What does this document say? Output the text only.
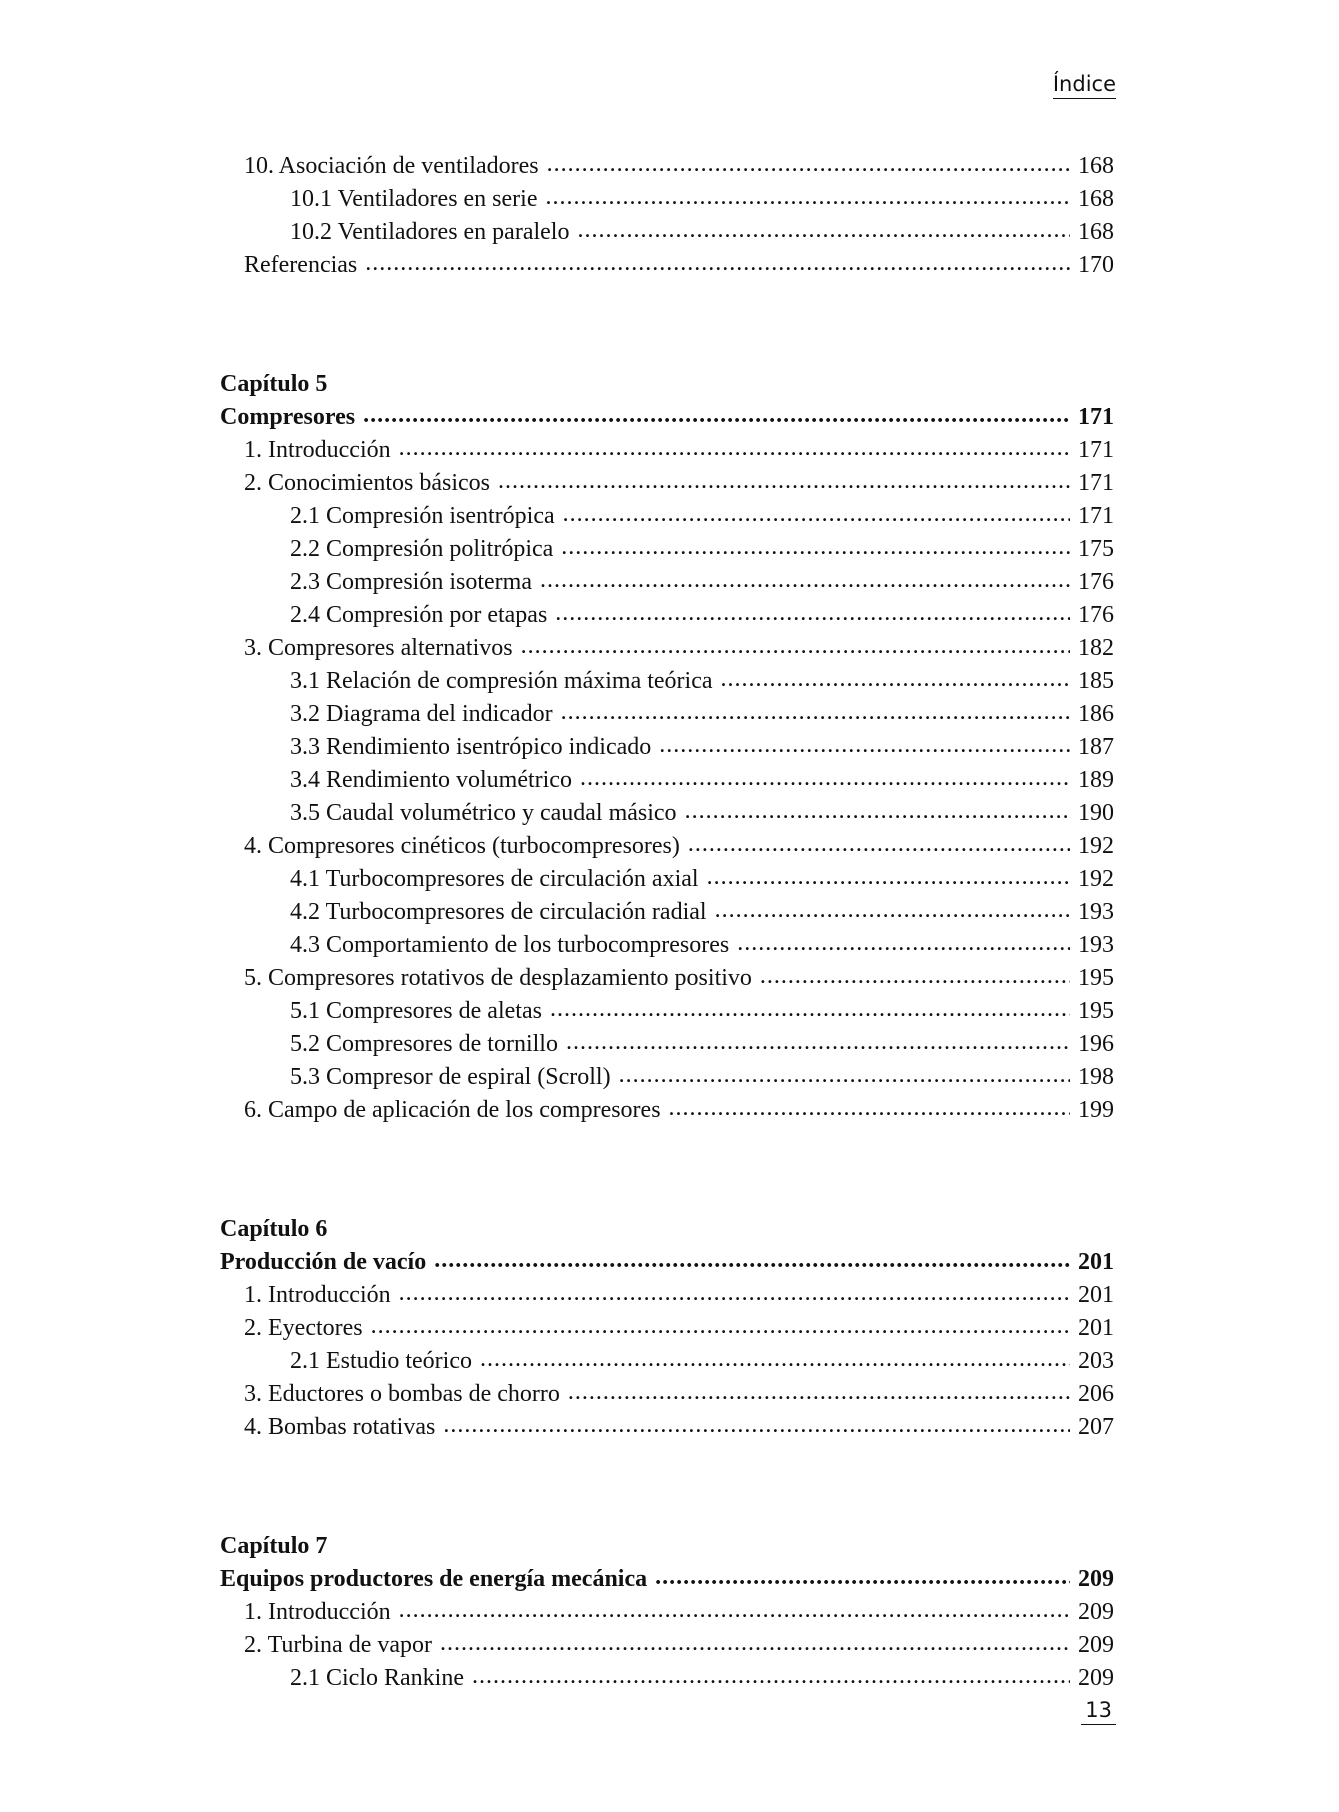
Índice
10. Asociación de ventiladores .....	168
10.1 Ventiladores en serie .....	168
10.2 Ventiladores en paralelo .....	168
Referencias .....	170
Capítulo 5
Compresores .....	171
1. Introducción .....	171
2. Conocimientos básicos .....	171
2.1 Compresión isentrópica .....	171
2.2 Compresión politrópica .....	175
2.3 Compresión isoterma .....	176
2.4 Compresión por etapas .....	176
3. Compresores alternativos .....	182
3.1 Relación de compresión máxima teórica .....	185
3.2 Diagrama del indicador .....	186
3.3 Rendimiento isentrópico indicado .....	187
3.4 Rendimiento volumétrico .....	189
3.5 Caudal volumétrico y caudal másico .....	190
4. Compresores cinéticos (turbocompresores) .....	192
4.1 Turbocompresores de circulación axial .....	192
4.2 Turbocompresores de circulación radial .....	193
4.3 Comportamiento de los turbocompresores .....	193
5. Compresores rotativos de desplazamiento positivo .....	195
5.1 Compresores de aletas .....	195
5.2 Compresores de tornillo .....	196
5.3 Compresor de espiral (Scroll) .....	198
6. Campo de aplicación de los compresores .....	199
Capítulo 6
Producción de vacío .....	201
1. Introducción .....	201
2. Eyectores .....	201
2.1 Estudio teórico .....	203
3. Eductores o bombas de chorro .....	206
4. Bombas rotativas .....	207
Capítulo 7
Equipos productores de energía mecánica .....	209
1. Introducción .....	209
2. Turbina de vapor .....	209
2.1 Ciclo Rankine .....	209
13
